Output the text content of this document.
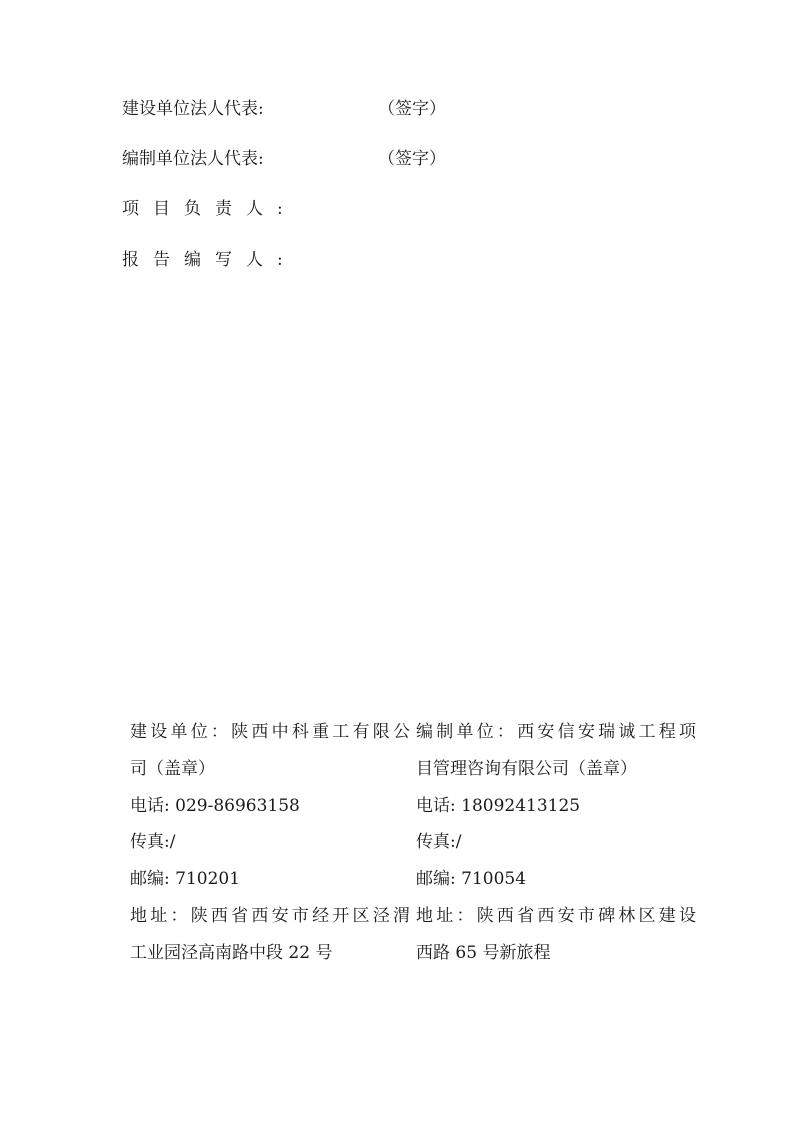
建设单位法人代表:	（签字）
编制单位法人代表:	（签字）
项目负责人:
报告编写人:
建设单位：陕西中科重工有限公
司（盖章）
电话: 029-86963158
传真:/
邮编: 710201
地址：陕西省西安市经开区泾渭
工业园泾高南路中段 22 号
编制单位：西安信安瑞诚工程项
目管理咨询有限公司（盖章）
电话: 18092413125
传真:/
邮编: 710054
地址：陕西省西安市碑林区建设
西路 65 号新旅程
